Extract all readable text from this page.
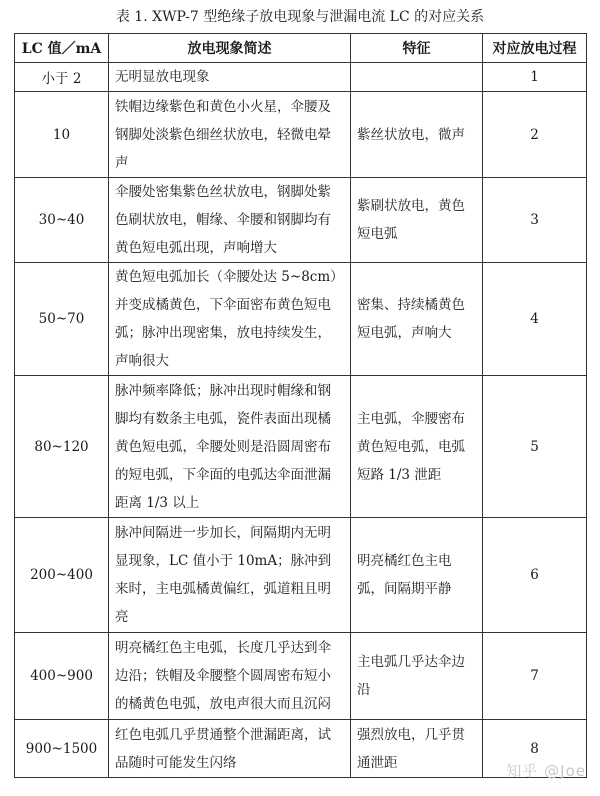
表 1. XWP-7 型绝缘子放电现象与泄漏电流 LC 的对应关系
LC 值／mA	放电现象简述	特征	对应放电过程
小于 2	无明显放电现象		1
10	铁帽边缘紫色和黄色小火星，伞腰及钢脚处淡紫色细丝状放电，轻微电晕声	紫丝状放电，微声	2
30~40	伞腰处密集紫色丝状放电，钢脚处紫色刷状放电，帽缘、伞腰和钢脚均有黄色短电弧出现，声响增大	紫刷状放电，黄色短电弧	3
50~70	黄色短电弧加长（伞腰处达 5~8cm）并变成橘黄色，下伞面密布黄色短电弧；脉冲出现密集，放电持续发生，声响很大	密集、持续橘黄色短电弧，声响大	4
80~120	脉冲频率降低；脉冲出现时帽缘和钢脚均有数条主电弧，瓷件表面出现橘黄色短电弧，伞腰处则是沿圆周密布的短电弧，下伞面的电弧达伞面泄漏距离 1/3 以上	主电弧，伞腰密布黄色短电弧，电弧短路 1/3 泄距	5
200~400	脉冲间隔进一步加长，间隔期内无明显现象，LC 值小于 10mA；脉冲到来时，主电弧橘黄偏红，弧道粗且明亮	明亮橘红色主电弧，间隔期平静	6
400~900	明亮橘红色主电弧，长度几乎达到伞边沿；铁帽及伞腰整个圆周密布短小的橘黄色电弧，放电声很大而且沉闷	主电弧几乎达伞边沿	7
900~1500	红色电弧几乎贯通整个泄漏距离，试品随时可能发生闪络	强烈放电，几乎贯通泄距	8
知乎 @Joe
